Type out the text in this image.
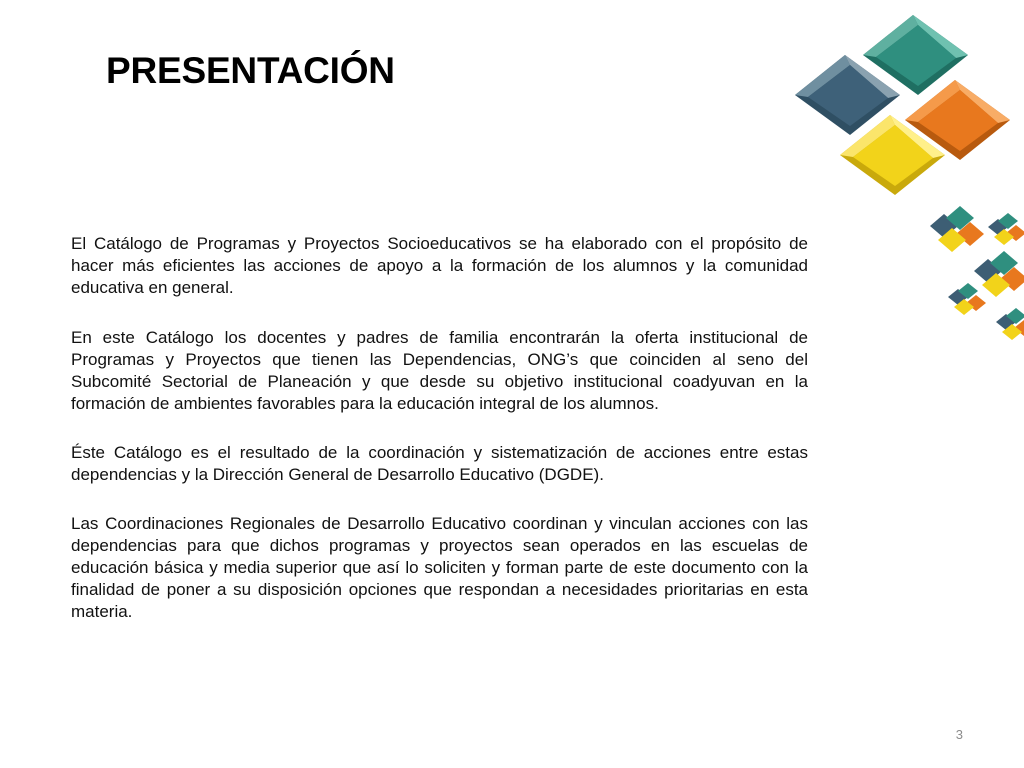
PRESENTACIÓN

El Catálogo de Programas y Proyectos Socioeducativos se ha elaborado con el propósito de hacer más eficientes las acciones de apoyo a la formación de los alumnos y la comunidad educativa en general.

En este Catálogo los docentes y padres de familia encontrarán la oferta institucional de Programas y Proyectos que tienen las Dependencias, ONG’s que coinciden al seno del Subcomité Sectorial de Planeación y que desde su objetivo institucional coadyuvan en la formación de ambientes favorables para la educación integral de los alumnos.

Éste Catálogo es el resultado de la coordinación y sistematización de acciones entre estas dependencias y la Dirección General de Desarrollo Educativo (DGDE).

Las Coordinaciones Regionales de Desarrollo Educativo coordinan y vinculan acciones con las dependencias para que dichos programas y proyectos sean operados en las escuelas de educación básica y media superior que así lo soliciten y forman parte de este documento con la finalidad de poner a su disposición opciones que respondan a necesidades prioritarias en esta materia.

3
